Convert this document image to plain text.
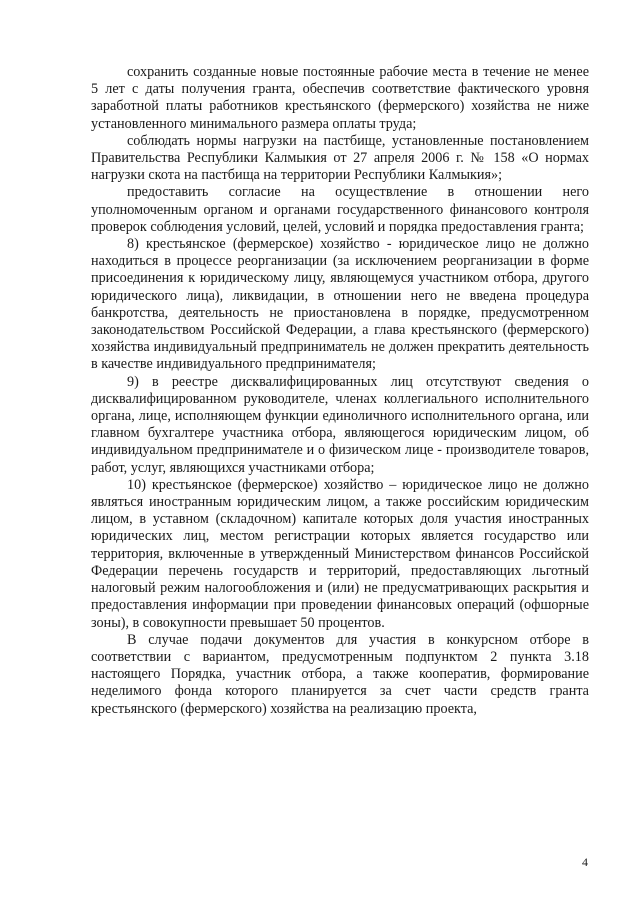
сохранить созданные новые постоянные рабочие места в течение не менее 5 лет с даты получения гранта, обеспечив соответствие фактического уровня заработной платы работников крестьянского (фермерского) хозяйства не ниже установленного минимального размера оплаты труда;

соблюдать нормы нагрузки на пастбище, установленные постановлением Правительства Республики Калмыкия от 27 апреля 2006 г. № 158 «О нормах нагрузки скота на пастбища на территории Республики Калмыкия»;

предоставить согласие на осуществление в отношении него уполномоченным органом и органами государственного финансового контроля проверок соблюдения условий, целей, условий и порядка предоставления гранта;

8) крестьянское (фермерское) хозяйство - юридическое лицо не должно находиться в процессе реорганизации (за исключением реорганизации в форме присоединения к юридическому лицу, являющемуся участником отбора, другого юридического лица), ликвидации, в отношении него не введена процедура банкротства, деятельность не приостановлена в порядке, предусмотренном законодательством Российской Федерации, а глава крестьянского (фермерского) хозяйства индивидуальный предприниматель не должен прекратить деятельность в качестве индивидуального предпринимателя;

9) в реестре дисквалифицированных лиц отсутствуют сведения о дисквалифицированном руководителе, членах коллегиального исполнительного органа, лице, исполняющем функции единоличного исполнительного органа, или главном бухгалтере участника отбора, являющегося юридическим лицом, об индивидуальном предпринимателе и о физическом лице - производителе товаров, работ, услуг, являющихся участниками отбора;

10) крестьянское (фермерское) хозяйство – юридическое лицо не должно являться иностранным юридическим лицом, а также российским юридическим лицом, в уставном (складочном) капитале которых доля участия иностранных юридических лиц, местом регистрации которых является государство или территория, включенные в утвержденный Министерством финансов Российской Федерации перечень государств и территорий, предоставляющих льготный налоговый режим налогообложения и (или) не предусматривающих раскрытия и предоставления информации при проведении финансовых операций (офшорные зоны), в совокупности превышает 50 процентов.

В случае подачи документов для участия в конкурсном отборе в соответствии с вариантом, предусмотренным подпунктом 2 пункта 3.18 настоящего Порядка, участник отбора, а также кооператив, формирование неделимого фонда которого планируется за счет части средств гранта крестьянского (фермерского) хозяйства на реализацию проекта,

4
